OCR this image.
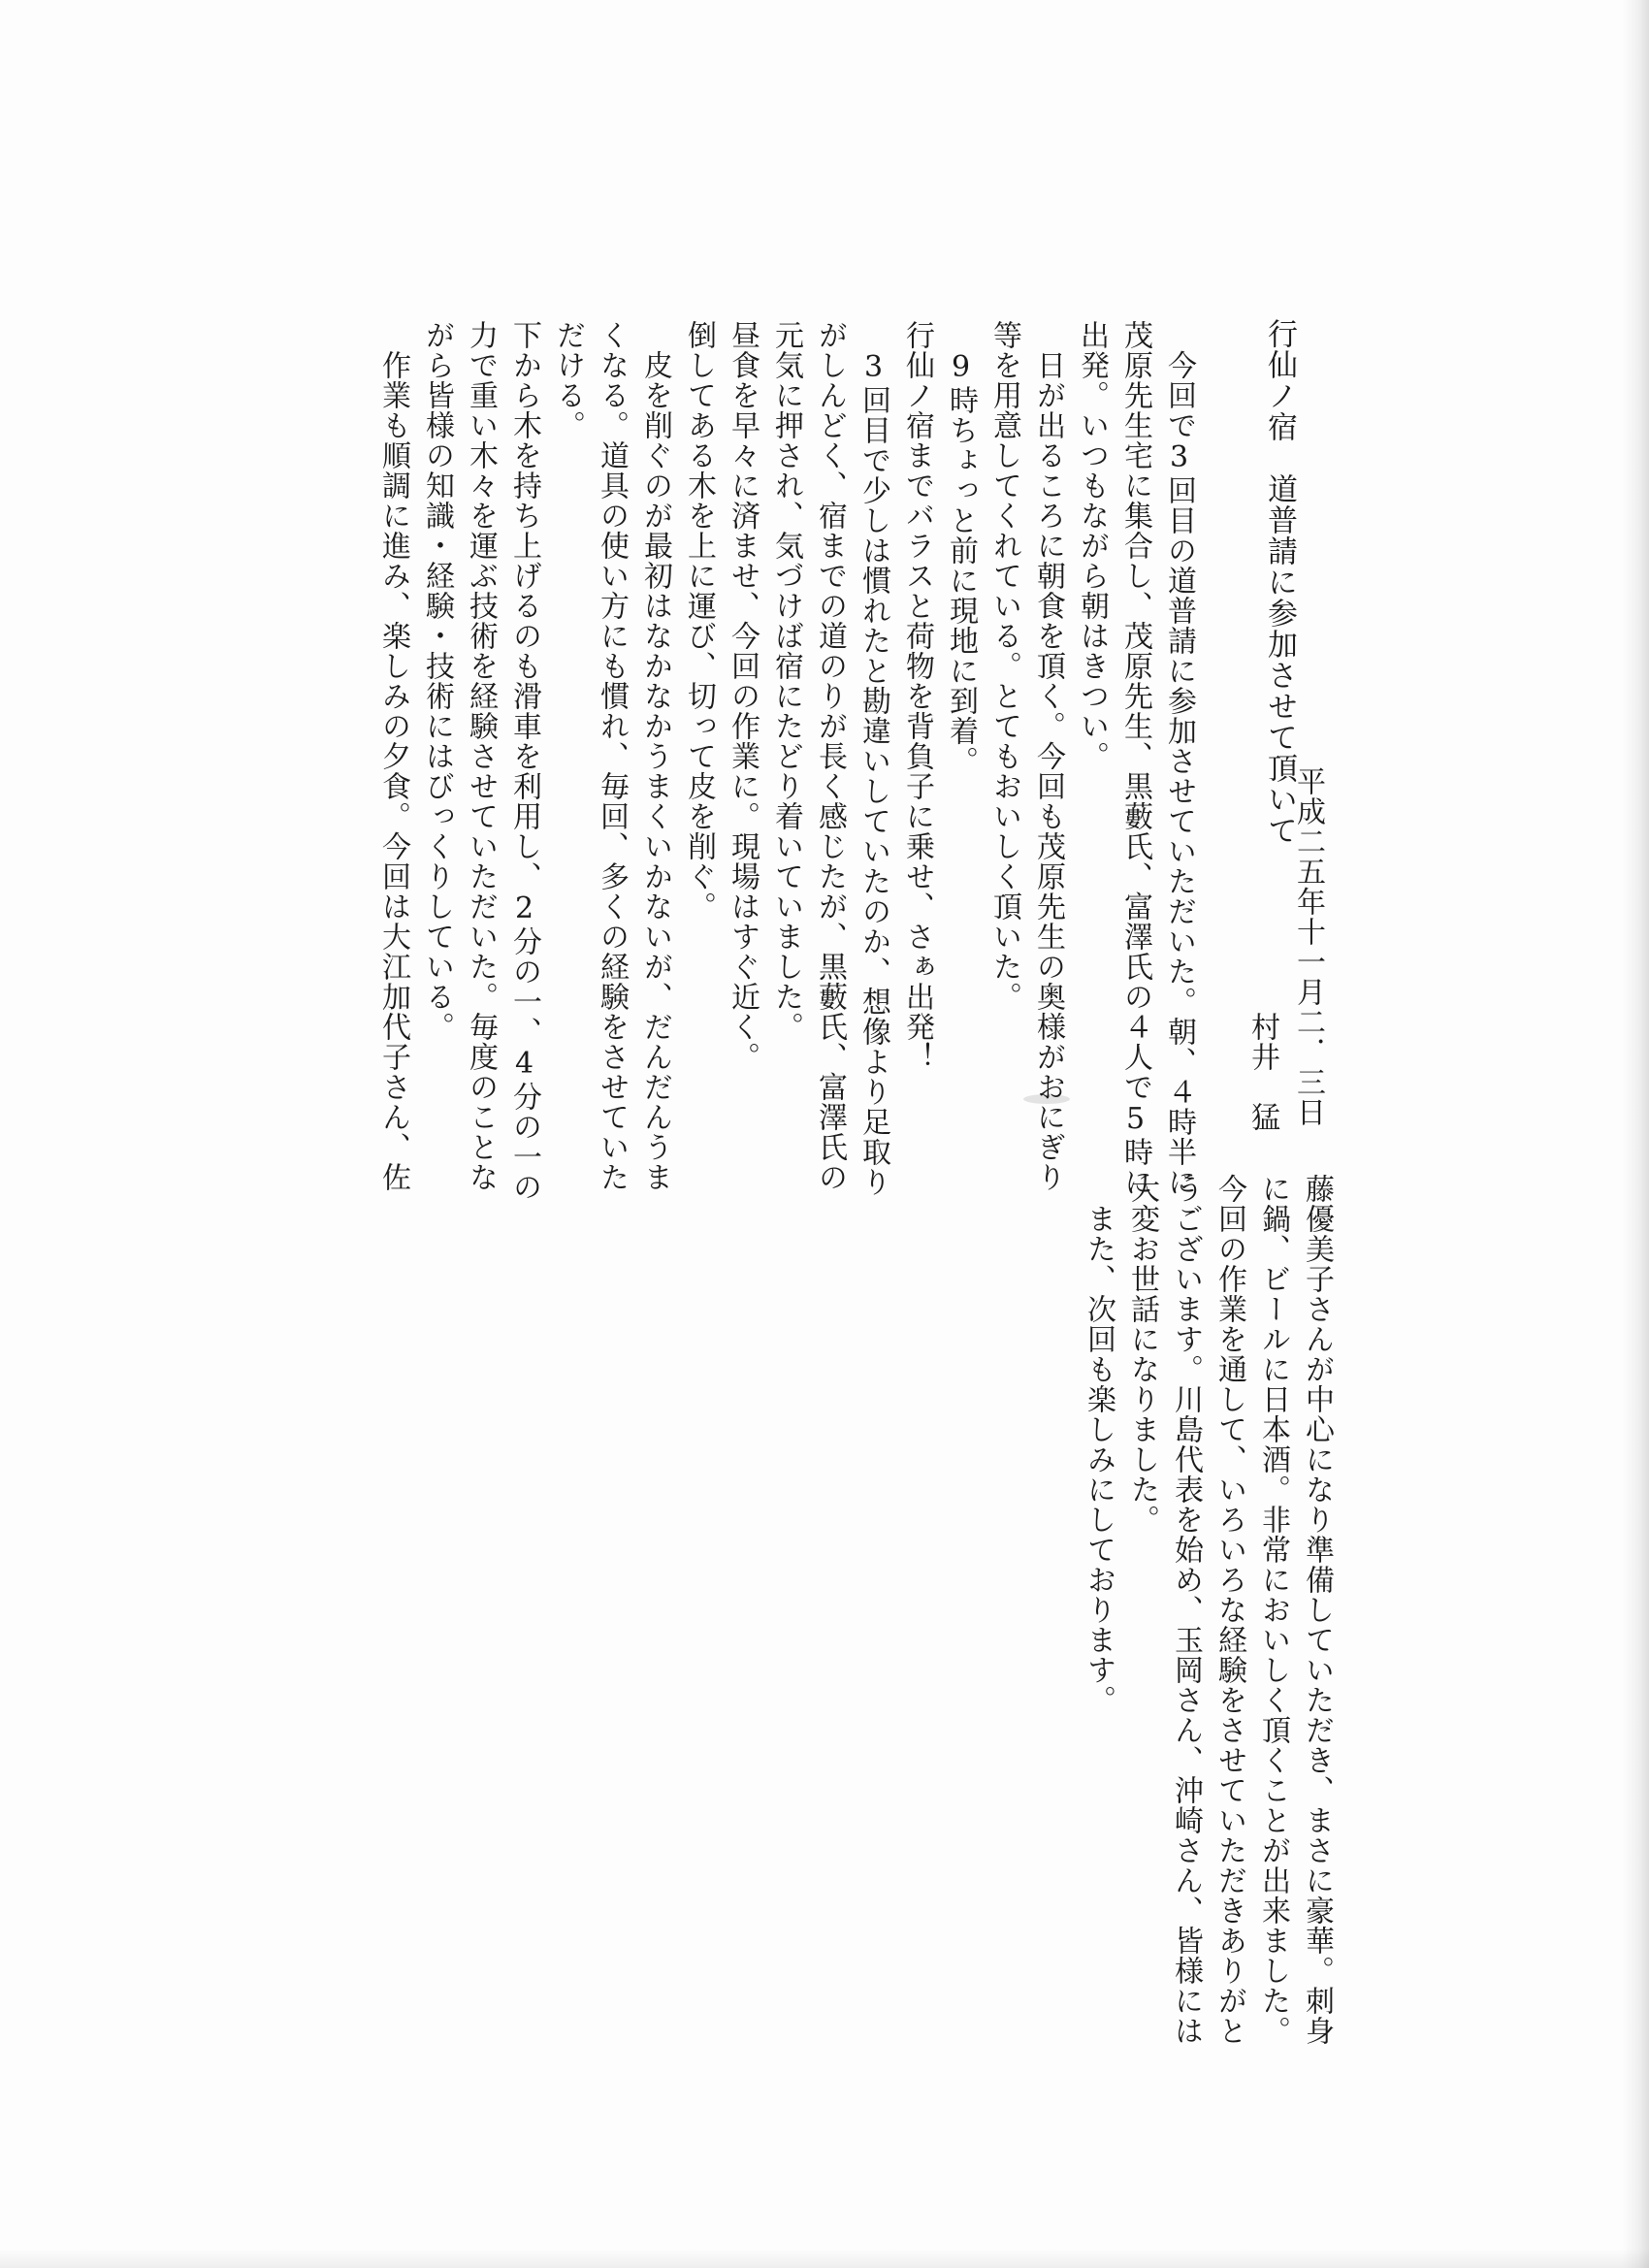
行仙ノ宿　道普請に参加させて頂いて
平成二五年十一月二．三日
村井　猛
　今回で3回目の道普請に参加させていただいた。朝、４時半に
茂原先生宅に集合し、茂原先生、黒藪氏、富澤氏の４人で5時に
出発。いつもながら朝はきつい。
　日が出るころに朝食を頂く。今回も茂原先生の奥様がおにぎり
等を用意してくれている。とてもおいしく頂いた。
　9時ちょっと前に現地に到着。
行仙ノ宿までバラスと荷物を背負子に乗せ、さぁ出発！
　3回目で少しは慣れたと勘違いしていたのか、想像より足取り
がしんどく、宿までの道のりが長く感じたが、黒藪氏、富澤氏の
元気に押され、気づけば宿にたどり着いていました。
昼食を早々に済ませ、今回の作業に。現場はすぐ近く。
倒してある木を上に運び、切って皮を削ぐ。
　皮を削ぐのが最初はなかなかうまくいかないが、だんだんうま
くなる。道具の使い方にも慣れ、毎回、多くの経験をさせていた
だける。
下から木を持ち上げるのも滑車を利用し、2分の一、4分の一の
力で重い木々を運ぶ技術を経験させていただいた。毎度のことな
がら皆様の知識・経験・技術にはびっくりしている。
　作業も順調に進み、楽しみの夕食。今回は大江加代子さん、佐
藤優美子さんが中心になり準備していただき、まさに豪華。刺身
に鍋、ビールに日本酒。非常においしく頂くことが出来ました。
今回の作業を通して、いろいろな経験をさせていただきありがと
うございます。川島代表を始め、玉岡さん、沖崎さん、皆様には
大変お世話になりました。
　また、次回も楽しみにしております。
